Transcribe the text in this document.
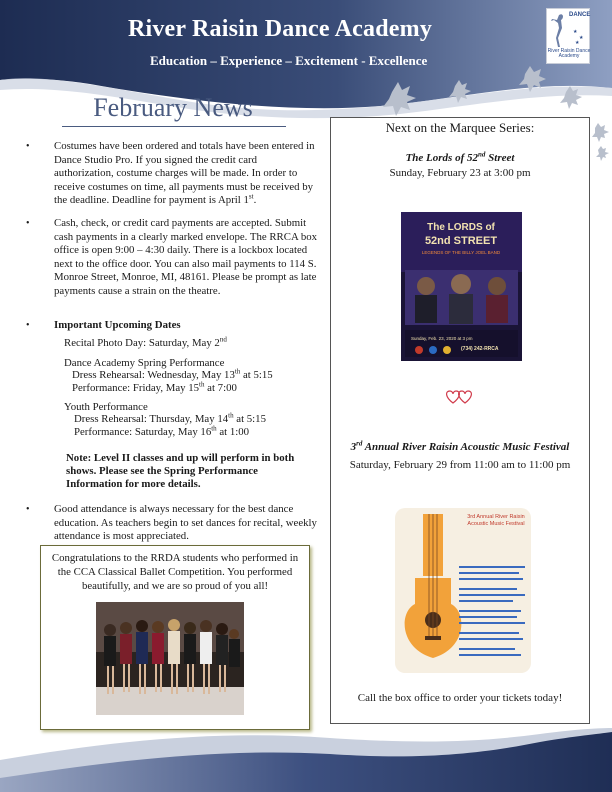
River Raisin Dance Academy
Education – Experience – Excitement - Excellence
★
★
★
DANCE
River Raisin Dance Academy
February News
• Costumes have been ordered and totals have been entered in Dance Studio Pro. If you signed the credit card authorization, costume charges will be made. In order to receive costumes on time, all payments must be received by the deadline. Deadline for payment is April 1st.
• Cash, check, or credit card payments are accepted. Submit cash payments in a clearly marked envelope. The RRCA box office is open 9:00 – 4:30 daily. There is a lockbox located next to the office door. You can also mail payments to 114 S. Monroe Street, Monroe, MI, 48161. Please be prompt as late payments cause a strain on the theatre.
• Important Upcoming Dates
Recital Photo Day: Saturday, May 2nd
Dance Academy Spring Performance
Dress Rehearsal: Wednesday, May 13th at 5:15
Performance: Friday, May 15th at 7:00
Youth Performance
Dress Rehearsal: Thursday, May 14th at 5:15
Performance: Saturday, May 16th at 1:00
Note: Level II classes and up will perform in both shows. Please see the Spring Performance Information for more details.
• Good attendance is always necessary for the best dance education. As teachers begin to set dances for recital, weekly attendance is most appreciated.
Congratulations to the RRDA students who performed in the CCA Classical Ballet Competition. You performed beautifully, and we are so proud of you all!
Next on the Marquee Series:
The Lords of 52nd Street
Sunday, February 23 at 3:00 pm
The LORDS of
52nd STREET
LEGENDS OF THE BILLY JOEL BAND
Sunday, Feb. 23, 2020 at 3 pm
(734) 242-RRCA
3rd Annual River Raisin Acoustic Music Festival
Saturday, February 29 from 11:00 am to 11:00 pm
3rd Annual River Raisin Acoustic Music Festival
Call the box office to order your tickets today!
